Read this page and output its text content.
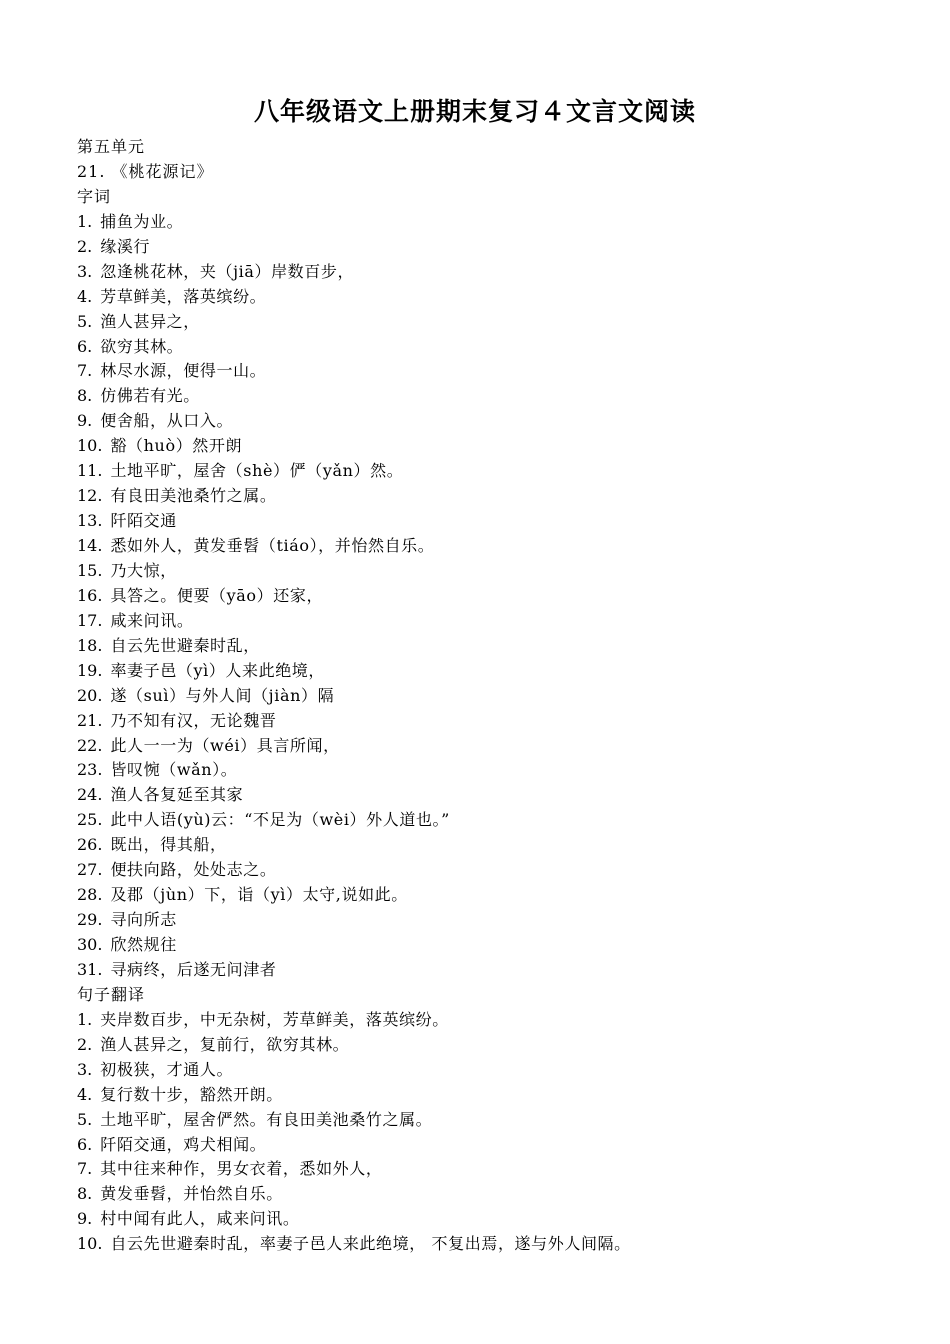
八年级语文上册期末复习４文言文阅读
第五单元
21. 《桃花源记》
字词
1. 捕鱼为业。
2. 缘溪行
3. 忽逢桃花林，夹（jiā）岸数百步，
4. 芳草鲜美，落英缤纷。
5. 渔人甚异之，
6. 欲穷其林。
7. 林尽水源，便得一山。
8. 仿佛若有光。
9. 便舍船，从口入。
10. 豁（huò）然开朗
11. 土地平旷，屋舍（shè）俨（yǎn）然。
12. 有良田美池桑竹之属。
13. 阡陌交通
14. 悉如外人，黄发垂髫（tiáo），并怡然自乐。
15. 乃大惊，
16. 具答之。便要（yāo）还家，
17. 咸来问讯。
18. 自云先世避秦时乱，
19. 率妻子邑（yì）人来此绝境，
20. 遂（suì）与外人间（jiàn）隔
21. 乃不知有汉，无论魏晋
22. 此人一一为（wéi）具言所闻，
23. 皆叹惋（wǎn）。
24. 渔人各复延至其家
25. 此中人语(yù)云：“不足为（wèi）外人道也。”
26. 既出，得其船，
27. 便扶向路，处处志之。
28. 及郡（jùn）下，诣（yì）太守,说如此。
29. 寻向所志
30. 欣然规往
31. 寻病终，后遂无问津者
句子翻译
1. 夹岸数百步，中无杂树，芳草鲜美，落英缤纷。
2. 渔人甚异之，复前行，欲穷其林。
3. 初极狭，才通人。
4. 复行数十步，豁然开朗。
5. 土地平旷，屋舍俨然。有良田美池桑竹之属。
6. 阡陌交通，鸡犬相闻。
7. 其中往来种作，男女衣着，悉如外人，
8. 黄发垂髫，并怡然自乐。
9. 村中闻有此人，咸来问讯。
10. 自云先世避秦时乱，率妻子邑人来此绝境， 不复出焉，遂与外人间隔。
